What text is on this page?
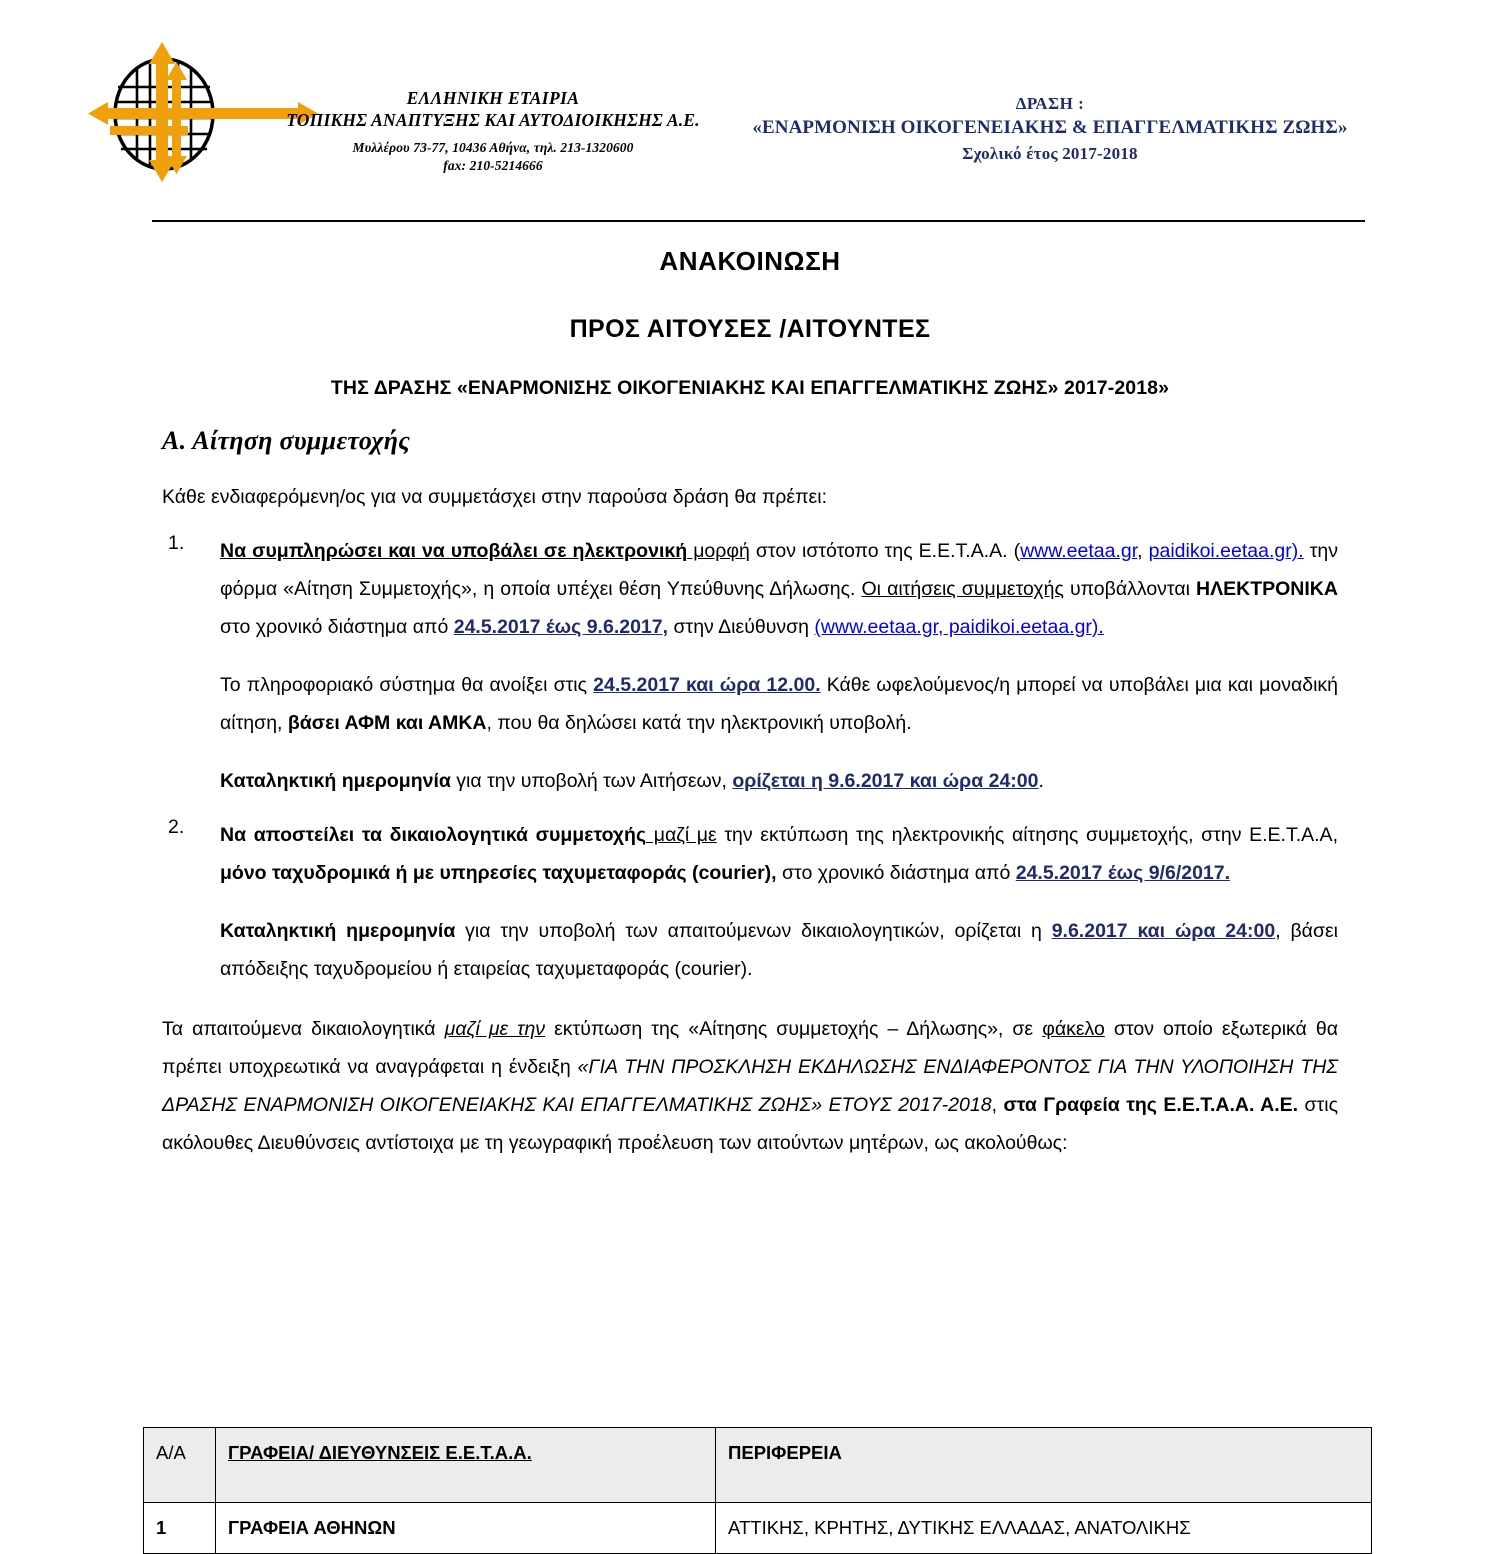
ΕΛΛΗΝΙΚΗ ΕΤΑΙΡΙΑ
ΤΟΠΙΚΗΣ ΑΝΑΠΤΥΞΗΣ ΚΑΙ ΑΥΤΟΔΙΟΙΚΗΣΗΣ Α.Ε.
Μυλλέρου 73-77, 10436 Αθήνα, τηλ. 213-1320600
fax: 210-5214666
ΔΡΑΣΗ :
«ΕΝΑΡΜΟΝΙΣΗ ΟΙΚΟΓΕΝΕΙΑΚΗΣ & ΕΠΑΓΓΕΛΜΑΤΙΚΗΣ ΖΩΗΣ»
Σχολικό έτος 2017-2018
ΑΝΑΚΟΙΝΩΣΗ
ΠΡΟΣ ΑΙΤΟΥΣΕΣ /ΑΙΤΟΥΝΤΕΣ
ΤΗΣ ΔΡΑΣΗΣ «ΕΝΑΡΜΟΝΙΣΗΣ ΟΙΚΟΓΕΝΙΑΚΗΣ ΚΑΙ ΕΠΑΓΓΕΛΜΑΤΙΚΗΣ ΖΩΗΣ» 2017-2018»
Α. Αίτηση συμμετοχής
Κάθε ενδιαφερόμενη/ος για να συμμετάσχει στην παρούσα δράση θα πρέπει:
1. Να συμπληρώσει και να υποβάλει σε ηλεκτρονική μορφή στον ιστότοπο της Ε.Ε.Τ.Α.Α. (www.eetaa.gr, paidikoi.eetaa.gr). την φόρμα «Αίτηση Συμμετοχής», η οποία υπέχει θέση Υπεύθυνης Δήλωσης. Οι αιτήσεις συμμετοχής υποβάλλονται ΗΛΕΚΤΡΟΝΙΚΑ στο χρονικό διάστημα από 24.5.2017 έως 9.6.2017, στην Διεύθυνση (www.eetaa.gr, paidikoi.eetaa.gr).

Το πληροφοριακό σύστημα θα ανοίξει στις 24.5.2017 και ώρα 12.00. Κάθε ωφελούμενος/η μπορεί να υποβάλει μια και μοναδική αίτηση, βάσει ΑΦΜ και ΑΜΚΑ, που θα δηλώσει κατά την ηλεκτρονική υποβολή.

Καταληκτική ημερομηνία για την υποβολή των Αιτήσεων, ορίζεται η 9.6.2017 και ώρα 24:00.

2. Να αποστείλει τα δικαιολογητικά συμμετοχής μαζί με την εκτύπωση της ηλεκτρονικής αίτησης συμμετοχής, στην Ε.Ε.Τ.Α.Α, μόνο ταχυδρομικά ή με υπηρεσίες ταχυμεταφοράς (courier), στο χρονικό διάστημα από 24.5.2017 έως 9/6/2017.

Καταληκτική ημερομηνία για την υποβολή των απαιτούμενων δικαιολογητικών, ορίζεται η 9.6.2017 και ώρα 24:00, βάσει απόδειξης ταχυδρομείου ή εταιρείας ταχυμεταφοράς (courier).

Τα απαιτούμενα δικαιολογητικά μαζί με την εκτύπωση της «Αίτησης συμμετοχής – Δήλωσης», σε φάκελο στον οποίο εξωτερικά θα πρέπει υποχρεωτικά να αναγράφεται η ένδειξη «ΓΙΑ ΤΗΝ ΠΡΟΣΚΛΗΣΗ ΕΚΔΗΛΩΣΗΣ ΕΝΔΙΑΦΕΡΟΝΤΟΣ ΓΙΑ ΤΗΝ ΥΛΟΠΟΙΗΣΗ ΤΗΣ ΔΡΑΣΗΣ ΕΝΑΡΜΟΝΙΣΗ ΟΙΚΟΓΕΝΕΙΑΚΗΣ ΚΑΙ ΕΠΑΓΓΕΛΜΑΤΙΚΗΣ ΖΩΗΣ» ΕΤΟΥΣ 2017-2018, στα Γραφεία της Ε.Ε.Τ.Α.Α. Α.Ε. στις ακόλουθες Διευθύνσεις αντίστοιχα με τη γεωγραφική προέλευση των αιτούντων μητέρων, ως ακολούθως:
Α/Α	ΓΡΑΦΕΙΑ/ ΔΙΕΥΘΥΝΣΕΙΣ Ε.Ε.Τ.Α.Α.	ΠΕΡΙΦΕΡΕΙΑ
1	ΓΡΑΦΕΙΑ ΑΘΗΝΩΝ	ΑΤΤΙΚΗΣ, ΚΡΗΤΗΣ, ΔΥΤΙΚΗΣ ΕΛΛΑΔΑΣ, ΑΝΑΤΟΛΙΚΗΣ
